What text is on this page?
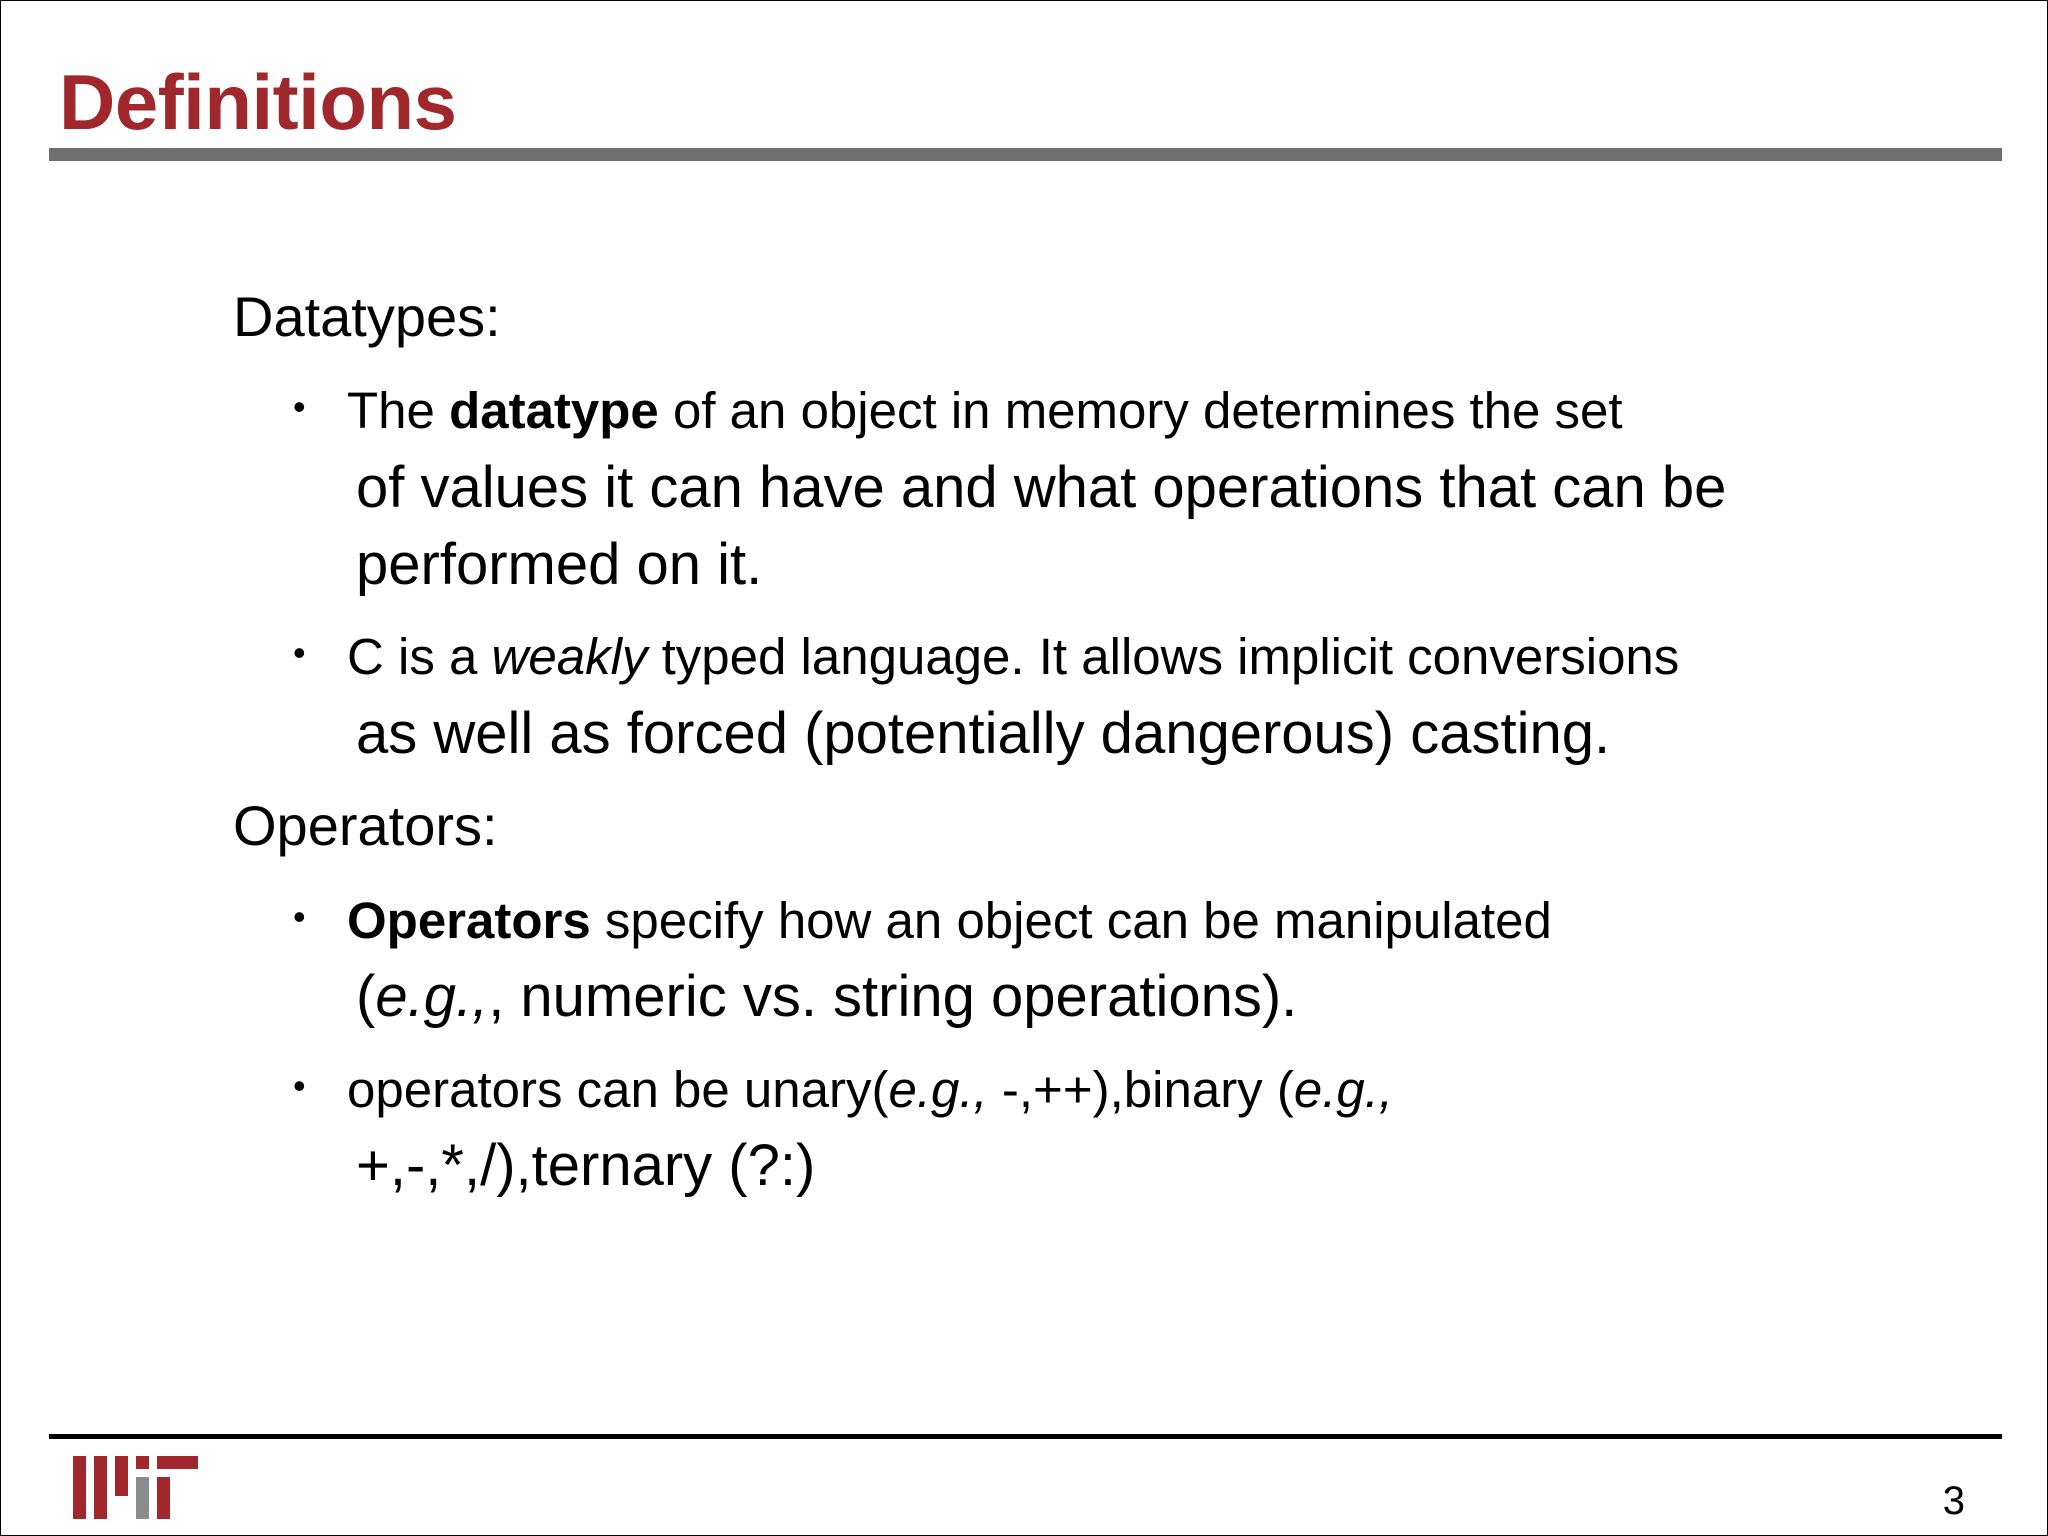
Definitions
Datatypes:
• The datatype of an object in memory determines the set
of values it can have and what operations that can be
performed on it.
• C is a weakly typed language. It allows implicit conversions
as well as forced (potentially dangerous) casting.
Operators:
• Operators specify how an object can be manipulated
(e.g.,, numeric vs. string operations).
• operators can be unary(e.g., -,++),binary (e.g.,
+,-,*,/),ternary (?:)
3
